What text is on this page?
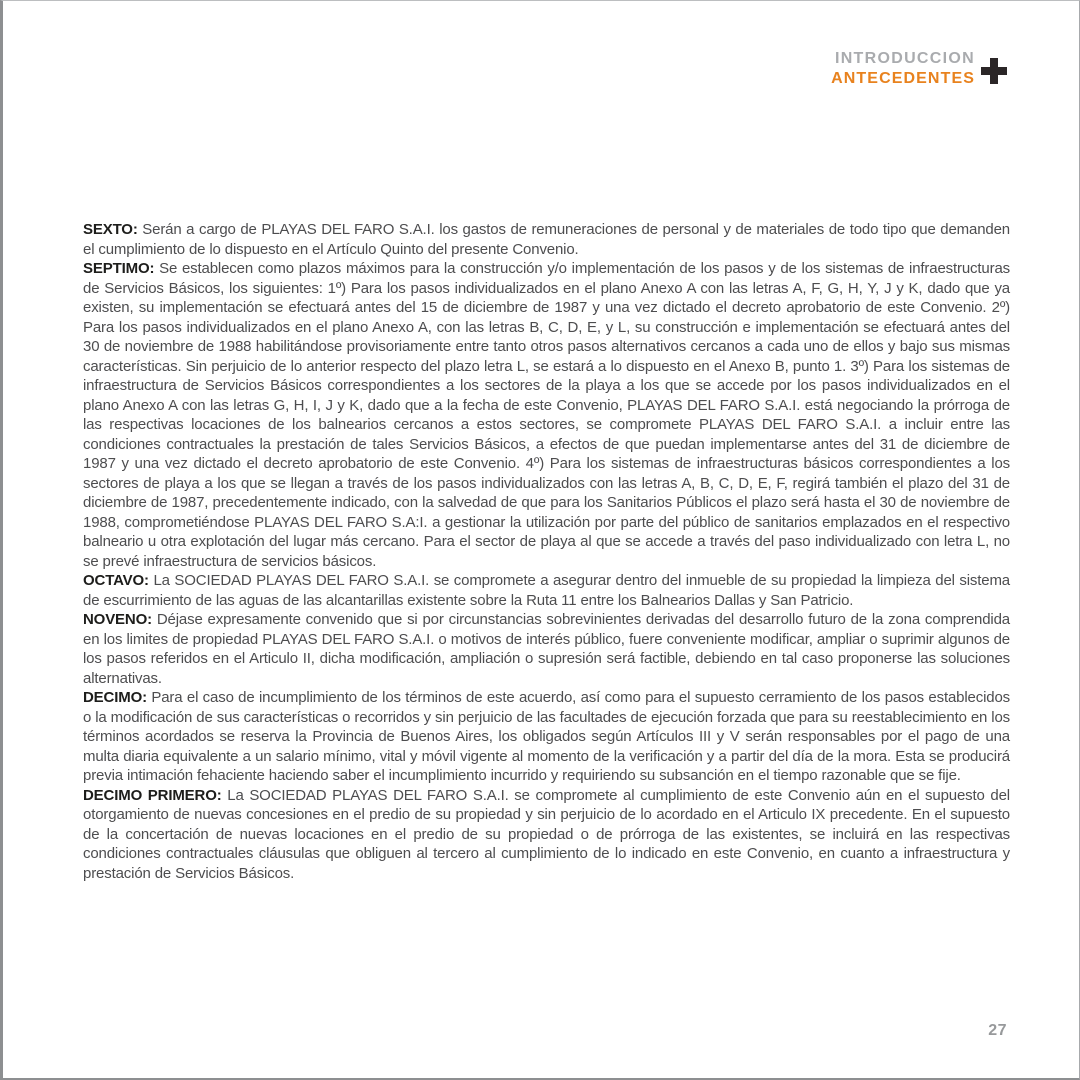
INTRODUCCION
ANTECEDENTES

SEXTO: Serán a cargo de PLAYAS DEL FARO S.A.I. los gastos de remuneraciones de personal y de materiales de todo tipo que demanden el cumplimiento de lo dispuesto en el Artículo Quinto del presente Convenio.

SEPTIMO: Se establecen como plazos máximos para la construcción y/o implementación de los pasos y de los sistemas de infraestructuras de Servicios Básicos, los siguientes: 1º) Para los pasos individualizados en el plano Anexo A con las letras A, F, G, H, Y, J y K, dado que ya existen, su implementación se efectuará antes del 15 de diciembre de 1987 y una vez dictado el decreto aprobatorio de este Convenio. 2º) Para los pasos individualizados en el plano Anexo A, con las letras B, C, D, E, y L, su construcción e implementación se efectuará antes del 30 de noviembre de 1988 habilitándose provisoriamente entre tanto otros pasos alternativos cercanos a cada uno de ellos y bajo sus mismas características. Sin perjuicio de lo anterior respecto del plazo letra L, se estará a lo dispuesto en el Anexo B, punto 1. 3º) Para los sistemas de infraestructura de Servicios Básicos correspondientes a los sectores de la playa a los que se accede por los pasos individualizados en el plano Anexo A con las letras G, H, I, J y K, dado que a la fecha de este Convenio, PLAYAS DEL FARO S.A.I. está negociando la prórroga de las respectivas locaciones de los balnearios cercanos a estos sectores, se compromete PLAYAS DEL FARO S.A.I. a incluir entre las condiciones contractuales la prestación de tales Servicios Básicos, a efectos de que puedan implementarse antes del 31 de diciembre de 1987 y una vez dictado el decreto aprobatorio de este Convenio. 4º) Para los sistemas de infraestructuras básicos correspondientes a los sectores de playa a los que se llegan a través de los pasos individualizados con las letras A, B, C, D, E, F, regirá también el plazo del 31 de diciembre de 1987, precedentemente indicado, con la salvedad de que para los Sanitarios Públicos el plazo será hasta el 30 de noviembre de 1988, comprometiéndose PLAYAS DEL FARO S.A:I. a gestionar la utilización por parte del público de sanitarios emplazados en el respectivo balneario u otra explotación del lugar más cercano. Para el sector de playa al que se accede a través del paso individualizado con letra L, no se prevé infraestructura de servicios básicos.

OCTAVO: La SOCIEDAD PLAYAS DEL FARO S.A.I. se compromete a asegurar dentro del inmueble de su propiedad la limpieza del sistema de escurrimiento de las aguas de las alcantarillas existente sobre la Ruta 11 entre los Balnearios Dallas y San Patricio.

NOVENO: Déjase expresamente convenido que si por circunstancias sobrevinientes derivadas del desarrollo futuro de la zona comprendida en los limites de propiedad PLAYAS DEL FARO S.A.I. o motivos de interés público, fuere conveniente modificar, ampliar o suprimir algunos de los pasos referidos en el Articulo II, dicha modificación, ampliación o supresión será factible, debiendo en tal caso proponerse las soluciones alternativas.

DECIMO: Para el caso de incumplimiento de los términos de este acuerdo, así como para el supuesto cerramiento de los pasos establecidos o la modificación de sus características o recorridos y sin perjuicio de las facultades de ejecución forzada que para su reestablecimiento en los términos acordados se reserva la Provincia de Buenos Aires, los obligados según Artículos III y V serán responsables por el pago de una multa diaria equivalente a un salario mínimo, vital y móvil vigente al momento de la verificación y a partir del día de la mora. Esta se producirá previa intimación fehaciente haciendo saber el incumplimiento incurrido y requiriendo su subsanción en el tiempo razonable que se fije.

DECIMO PRIMERO: La SOCIEDAD PLAYAS DEL FARO S.A.I. se compromete al cumplimiento de este Convenio aún en el supuesto del otorgamiento de nuevas concesiones en el predio de su propiedad y sin perjuicio de lo acordado en el Articulo IX precedente. En el supuesto de la concertación de nuevas locaciones en el predio de su propiedad o de prórroga de las existentes, se incluirá en las respectivas condiciones contractuales cláusulas que obliguen al tercero al cumplimiento de lo indicado en este Convenio, en cuanto a infraestructura y prestación de Servicios Básicos.

27
